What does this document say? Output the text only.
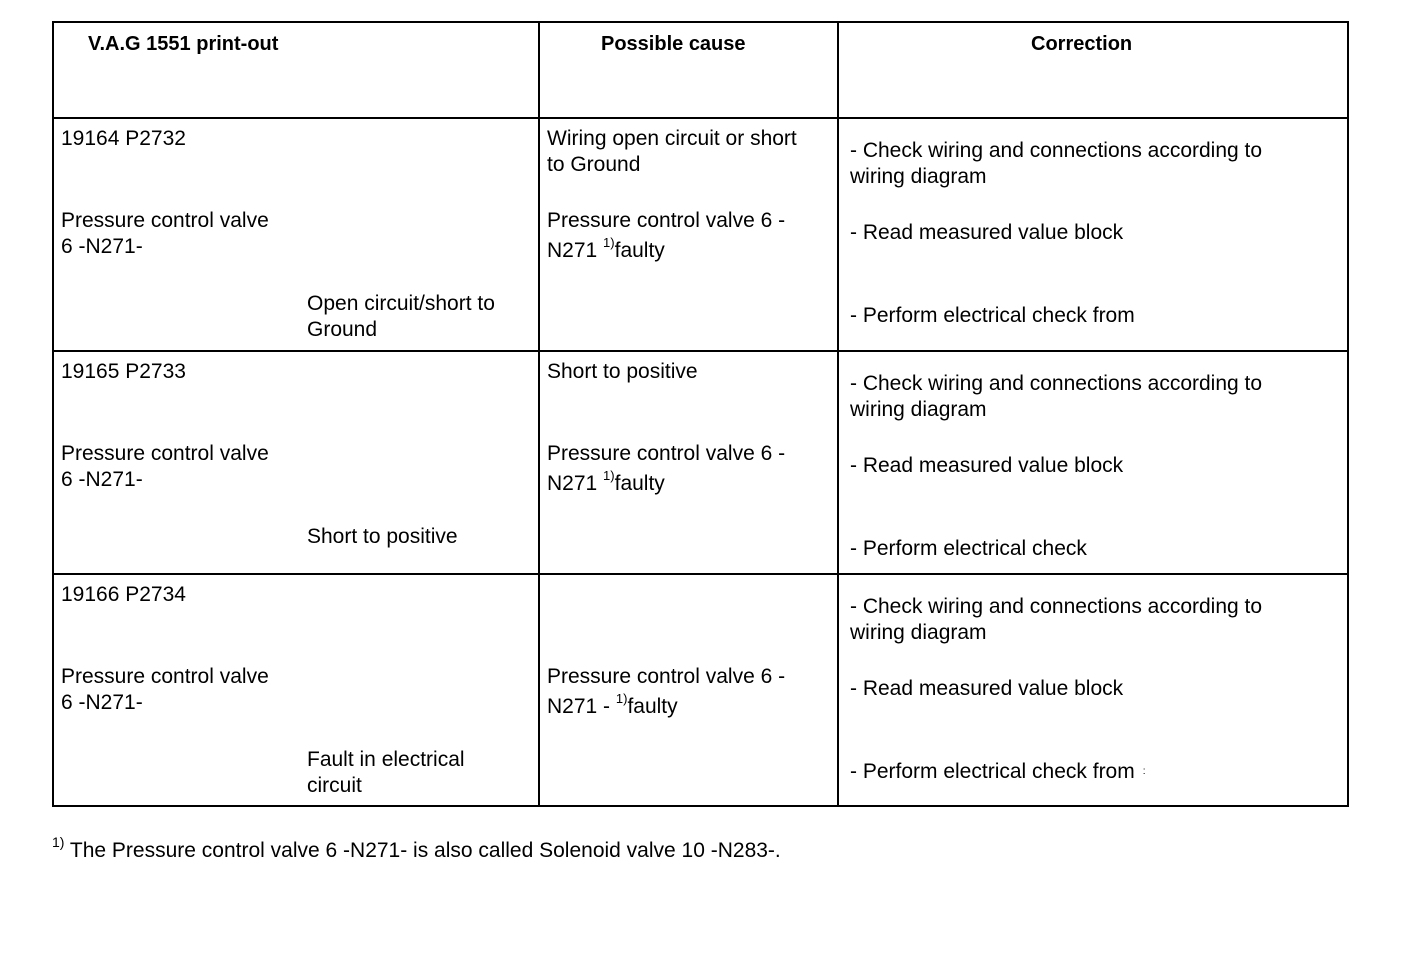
V.A.G 1551 print-out	Possible cause	Correction
19164 P2732
Pressure control valve
6 -N271-
Open circuit/short to
Ground
Wiring open circuit or short
to Ground
Pressure control valve 6 -
N271 $^{1)}$faulty
- Check wiring and connections according to
wiring diagram
- Read measured value block
- Perform electrical check from
19165 P2733
Pressure control valve
6 -N271-
Short to positive
Short to positive
Pressure control valve 6 -
N271 $^{1)}$faulty
- Check wiring and connections according to
wiring diagram
- Read measured value block
- Perform electrical check
19166 P2734
Pressure control valve
6 -N271-
Fault in electrical
circuit
Pressure control valve 6 -
N271 - $^{1)}$faulty
- Check wiring and connections according to
wiring diagram
- Read measured value block
- Perform electrical check from :
$^{1)}$ The Pressure control valve 6 -N271- is also called Solenoid valve 10 -N283-.
